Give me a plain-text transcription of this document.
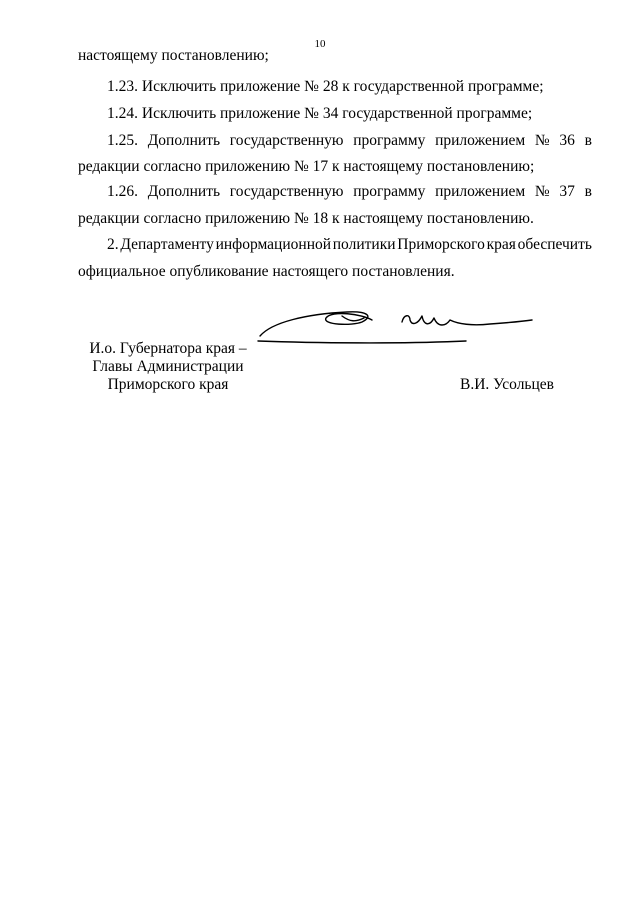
10
настоящему постановлению;
1.23. Исключить приложение № 28 к государственной программе;
1.24. Исключить приложение № 34 государственной программе;
1.25. Дополнить государственную программу приложением № 36 в
редакции согласно приложению № 17 к настоящему постановлению;
1.26. Дополнить государственную программу приложением № 37 в
редакции согласно приложению № 18 к настоящему постановлению.
2. Департаменту информационной политики Приморского края обеспечить
официальное опубликование настоящего постановления.
И.о. Губернатора края –
Главы Администрации
Приморского края	В.И. Усольцев
